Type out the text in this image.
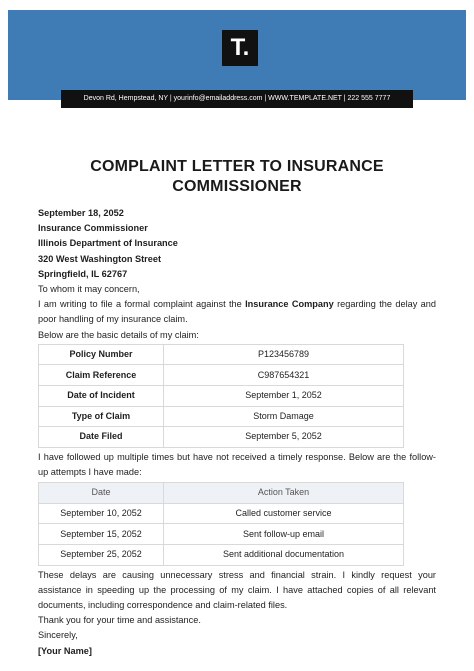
T.
Devon Rd, Hempstead, NY | yourinfo@emailaddress.com | WWW.TEMPLATE.NET | 222 555 7777
COMPLAINT LETTER TO INSURANCE
COMMISSIONER
September 18, 2052
Insurance Commissioner
Illinois Department of Insurance
320 West Washington Street
Springfield, IL 62767
To whom it may concern,
I am writing to file a formal complaint against the Insurance Company regarding the delay and poor handling of my insurance claim.
Below are the basic details of my claim:
Policy Number	P123456789
Claim Reference	C987654321
Date of Incident	September 1, 2052
Type of Claim	Storm Damage
Date Filed	September 5, 2052
I have followed up multiple times but have not received a timely response. Below are the follow-up attempts I have made:
Date	Action Taken
September 10, 2052	Called customer service
September 15, 2052	Sent follow-up email
September 25, 2052	Sent additional documentation
These delays are causing unnecessary stress and financial strain. I kindly request your assistance in speeding up the processing of my claim. I have attached copies of all relevant documents, including correspondence and claim-related files.
Thank you for your time and assistance.
Sincerely,
[Your Name]
